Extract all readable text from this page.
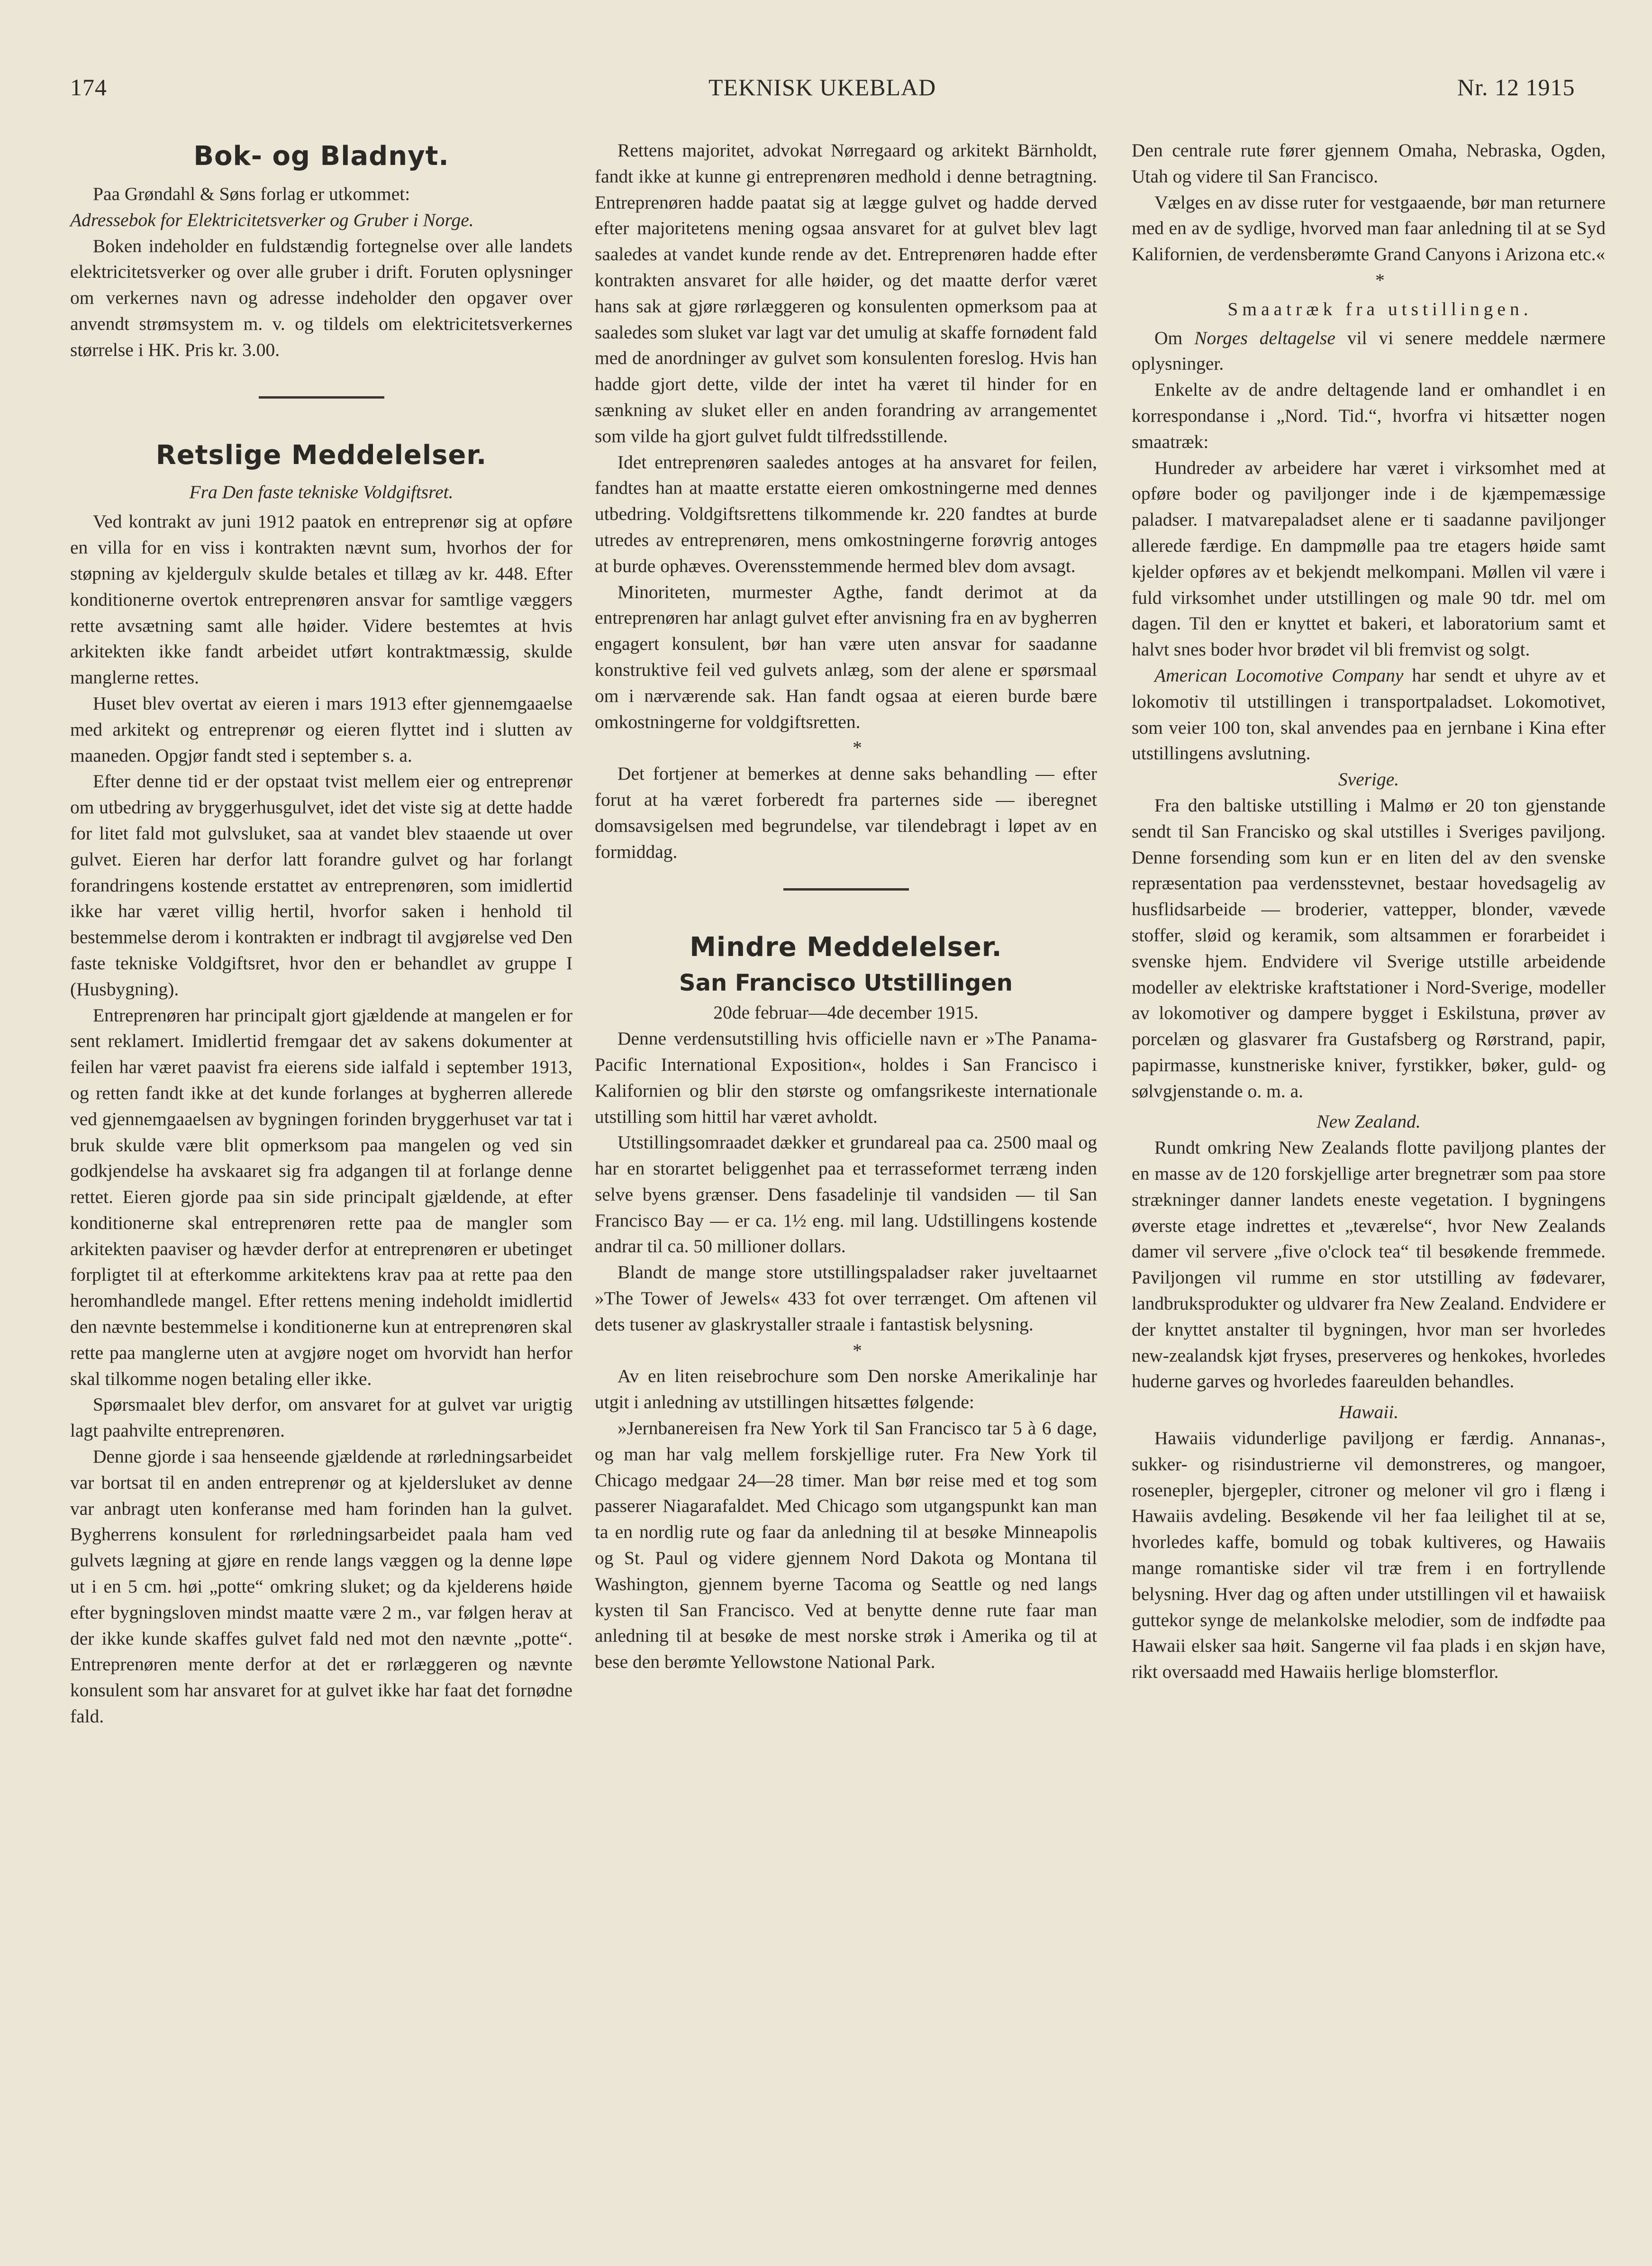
174	TEKNISK UKEBLAD	Nr. 12 1915
Bok- og Bladnyt.

Paa Grøndahl & Søns forlag er utkommet:

Adressebok for Elektricitetsverker og Gruber i Norge.

Boken indeholder en fuldstændig fortegnelse over alle landets elektricitetsverker og over alle gruber i drift. Foruten oplysninger om verkernes navn og adresse indeholder den opgaver over anvendt strømsystem m. v. og tildels om elektricitetsverkernes størrelse i HK. Pris kr. 3.00.

Retslige Meddelelser.

Fra Den faste tekniske Voldgiftsret.

Ved kontrakt av juni 1912 paatok en entreprenør sig at opføre en villa for en viss i kontrakten nævnt sum, hvorhos der for støpning av kjeldergulv skulde betales et tillæg av kr. 448. Efter konditionerne overtok entreprenøren ansvar for samtlige væggers rette avsætning samt alle høider. Videre bestemtes at hvis arkitekten ikke fandt arbeidet utført kontraktmæssig, skulde manglerne rettes.

Huset blev overtat av eieren i mars 1913 efter gjennemgaaelse med arkitekt og entreprenør og eieren flyttet ind i slutten av maaneden. Opgjør fandt sted i september s. a.

Efter denne tid er der opstaat tvist mellem eier og entreprenør om utbedring av bryggerhusgulvet, idet det viste sig at dette hadde for litet fald mot gulvsluket, saa at vandet blev staaende ut over gulvet. Eieren har derfor latt forandre gulvet og har forlangt forandringens kostende erstattet av entreprenøren, som imidlertid ikke har været villig hertil, hvorfor saken i henhold til bestemmelse derom i kontrakten er indbragt til avgjørelse ved Den faste tekniske Voldgiftsret, hvor den er behandlet av gruppe I (Husbygning).

Entreprenøren har principalt gjort gjældende at mangelen er for sent reklamert. Imidlertid fremgaar det av sakens dokumenter at feilen har været paavist fra eierens side ialfald i september 1913, og retten fandt ikke at det kunde forlanges at bygherren allerede ved gjennemgaaelsen av bygningen forinden bryggerhuset var tat i bruk skulde være blit opmerksom paa mangelen og ved sin godkjendelse ha avskaaret sig fra adgangen til at forlange denne rettet. Eieren gjorde paa sin side principalt gjældende, at efter konditionerne skal entreprenøren rette paa de mangler som arkitekten paaviser og hævder derfor at entreprenøren er ubetinget forpligtet til at efterkomme arkitektens krav paa at rette paa den heromhandlede mangel. Efter rettens mening indeholdt imidlertid den nævnte bestemmelse i konditionerne kun at entreprenøren skal rette paa manglerne uten at avgjøre noget om hvorvidt han herfor skal tilkomme nogen betaling eller ikke.

Spørsmaalet blev derfor, om ansvaret for at gulvet var urigtig lagt paahvilte entreprenøren.

Denne gjorde i saa henseende gjældende at rørledningsarbeidet var bortsat til en anden entreprenør og at kjeldersluket av denne var anbragt uten konferanse med ham forinden han la gulvet. Bygherrens konsulent for rørledningsarbeidet paala ham ved gulvets lægning at gjøre en rende langs væggen og la denne løpe ut i en 5 cm. høi „potte“ omkring sluket; og da kjelderens høide efter bygningsloven mindst maatte være 2 m., var følgen herav at der ikke kunde skaffes gulvet fald ned mot den nævnte „potte“. Entreprenøren mente derfor at det er rørlæggeren og nævnte konsulent som har ansvaret for at gulvet ikke har faat det fornødne fald.

Rettens majoritet, advokat Nørregaard og arkitekt Bärnholdt, fandt ikke at kunne gi entreprenøren medhold i denne betragtning. Entreprenøren hadde paatat sig at lægge gulvet og hadde derved efter majoritetens mening ogsaa ansvaret for at gulvet blev lagt saaledes at vandet kunde rende av det. Entreprenøren hadde efter kontrakten ansvaret for alle høider, og det maatte derfor været hans sak at gjøre rørlæggeren og konsulenten opmerksom paa at saaledes som sluket var lagt var det umulig at skaffe fornødent fald med de anordninger av gulvet som konsulenten foreslog. Hvis han hadde gjort dette, vilde der intet ha været til hinder for en sænkning av sluket eller en anden forandring av arrangementet som vilde ha gjort gulvet fuldt tilfredsstillende.

Idet entreprenøren saaledes antoges at ha ansvaret for feilen, fandtes han at maatte erstatte eieren omkostningerne med dennes utbedring. Voldgiftsrettens tilkommende kr. 220 fandtes at burde utredes av entreprenøren, mens omkostningerne forøvrig antoges at burde ophæves. Overensstemmende hermed blev dom avsagt.

Minoriteten, murmester Agthe, fandt derimot at da entreprenøren har anlagt gulvet efter anvisning fra en av bygherren engagert konsulent, bør han være uten ansvar for saadanne konstruktive feil ved gulvets anlæg, som der alene er spørsmaal om i nærværende sak. Han fandt ogsaa at eieren burde bære omkostningerne for voldgiftsretten.

*

Det fortjener at bemerkes at denne saks behandling — efter forut at ha været forberedt fra parternes side — iberegnet domsavsigelsen med begrundelse, var tilendebragt i løpet av en formiddag.

Mindre Meddelelser.
San Francisco Utstillingen

20de februar—4de december 1915.

Denne verdensutstilling hvis officielle navn er »The Panama-Pacific International Exposition«, holdes i San Francisco i Kalifornien og blir den største og omfangsrikeste internationale utstilling som hittil har været avholdt.

Utstillingsomraadet dækker et grundareal paa ca. 2500 maal og har en storartet beliggenhet paa et terrasseformet terræng inden selve byens grænser. Dens fasadelinje til vandsiden — til San Francisco Bay — er ca. 1½ eng. mil lang. Udstillingens kostende andrar til ca. 50 millioner dollars.

Blandt de mange store utstillingspaladser raker juveltaarnet »The Tower of Jewels« 433 fot over terrænget. Om aftenen vil dets tusener av glaskrystaller straale i fantastisk belysning.

*

Av en liten reisebrochure som Den norske Amerikalinje har utgit i anledning av utstillingen hitsættes følgende:

»Jernbanereisen fra New York til San Francisco tar 5 à 6 dage, og man har valg mellem forskjellige ruter. Fra New York til Chicago medgaar 24—28 timer. Man bør reise med et tog som passerer Niagarafaldet. Med Chicago som utgangspunkt kan man ta en nordlig rute og faar da anledning til at besøke Minneapolis og St. Paul og videre gjennem Nord Dakota og Montana til Washington, gjennem byerne Tacoma og Seattle og ned langs kysten til San Francisco. Ved at benytte denne rute faar man anledning til at besøke de mest norske strøk i Amerika og til at bese den berømte Yellowstone National Park.

Den centrale rute fører gjennem Omaha, Nebraska, Ogden, Utah og videre til San Francisco.

Vælges en av disse ruter for vestgaaende, bør man returnere med en av de sydlige, hvorved man faar anledning til at se Syd Kalifornien, de verdensberømte Grand Canyons i Arizona etc.«

*

Smaatræk fra utstillingen.

Om Norges deltagelse vil vi senere meddele nærmere oplysninger.

Enkelte av de andre deltagende land er omhandlet i en korrespondanse i „Nord. Tid.“, hvorfra vi hitsætter nogen smaatræk:

Hundreder av arbeidere har været i virksomhet med at opføre boder og paviljonger inde i de kjæmpemæssige paladser. I matvarepaladset alene er ti saadanne paviljonger allerede færdige. En dampmølle paa tre etagers høide samt kjelder opføres av et bekjendt melkompani. Møllen vil være i fuld virksomhet under utstillingen og male 90 tdr. mel om dagen. Til den er knyttet et bakeri, et laboratorium samt et halvt snes boder hvor brødet vil bli fremvist og solgt.

American Locomotive Company har sendt et uhyre av et lokomotiv til utstillingen i transportpaladset. Lokomotivet, som veier 100 ton, skal anvendes paa en jernbane i Kina efter utstillingens avslutning.

Sverige.

Fra den baltiske utstilling i Malmø er 20 ton gjenstande sendt til San Francisko og skal utstilles i Sveriges paviljong. Denne forsending som kun er en liten del av den svenske repræsentation paa verdensstevnet, bestaar hovedsagelig av husflidsarbeide — broderier, vattepper, blonder, vævede stoffer, sløid og keramik, som altsammen er forarbeidet i svenske hjem. Endvidere vil Sverige utstille arbeidende modeller av elektriske kraftstationer i Nord-Sverige, modeller av lokomotiver og dampere bygget i Eskilstuna, prøver av porcelæn og glasvarer fra Gustafsberg og Rørstrand, papir, papirmasse, kunstneriske kniver, fyrstikker, bøker, guld- og sølvgjenstande o. m. a.

New Zealand.

Rundt omkring New Zealands flotte paviljong plantes der en masse av de 120 forskjellige arter bregnetrær som paa store strækninger danner landets eneste vegetation. I bygningens øverste etage indrettes et „teværelse“, hvor New Zealands damer vil servere „five o'clock tea“ til besøkende fremmede. Paviljongen vil rumme en stor utstilling av fødevarer, landbruksprodukter og uldvarer fra New Zealand. Endvidere er der knyttet anstalter til bygningen, hvor man ser hvorledes new-zealandsk kjøt fryses, preserveres og henkokes, hvorledes huderne garves og hvorledes faareulden behandles.

Hawaii.

Hawaiis vidunderlige paviljong er færdig. Annanas-, sukker- og risindustrierne vil demonstreres, og mangoer, rosenepler, bjergepler, citroner og meloner vil gro i flæng i Hawaiis avdeling. Besøkende vil her faa leilighet til at se, hvorledes kaffe, bomuld og tobak kultiveres, og Hawaiis mange romantiske sider vil træ frem i en fortryllende belysning. Hver dag og aften under utstillingen vil et hawaiisk guttekor synge de melankolske melodier, som de indfødte paa Hawaii elsker saa høit. Sangerne vil faa plads i en skjøn have, rikt oversaadd med Hawaiis herlige blomsterflor.
